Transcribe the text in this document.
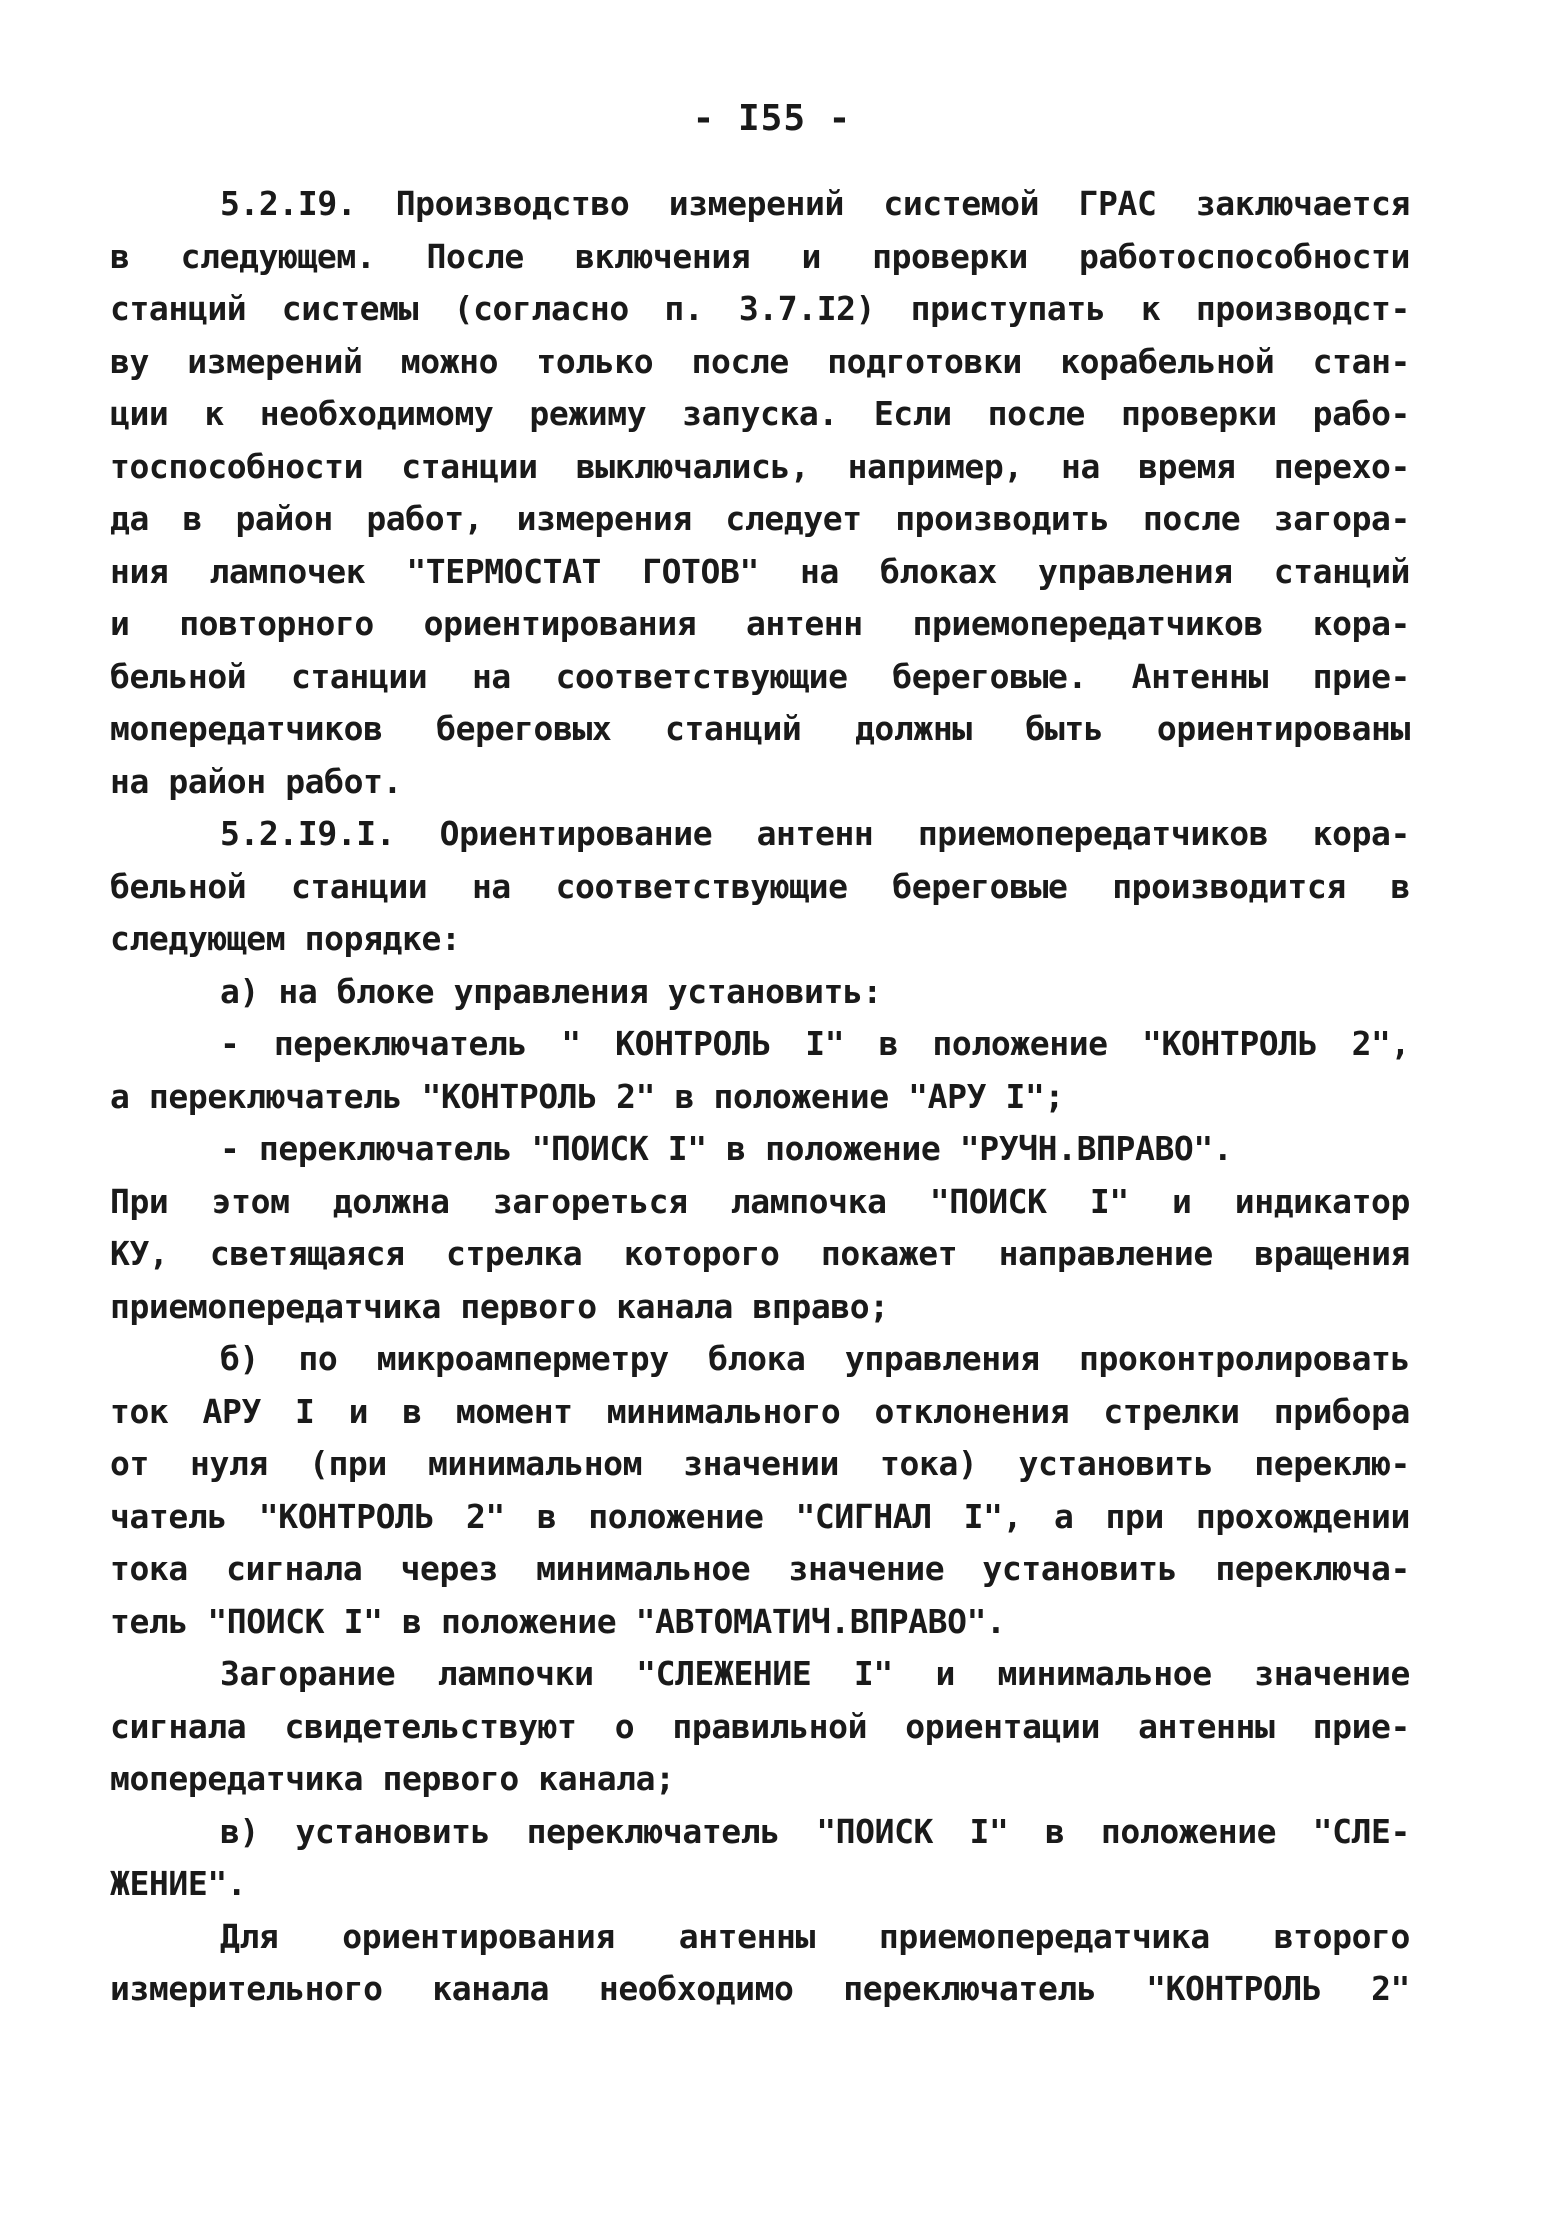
- I55 -
5.2.I9. Производство измерений системой ГРАС заключается
в следующем. После включения и проверки работоспособности
станций системы (согласно п. 3.7.I2) приступать к производст-
ву измерений можно только после подготовки корабельной стан-
ции к необходимому режиму запуска. Если после проверки рабо-
тоспособности станции выключались, например, на время перехо-
да в район работ, измерения следует производить после загора-
ния лампочек "ТЕРМОСТАТ ГОТОВ" на блоках управления станций
и повторного ориентирования антенн приемопередатчиков кора-
бельной станции на соответствующие береговые. Антенны прие-
мопередатчиков береговых станций должны быть ориентированы
на район работ.
5.2.I9.I. Ориентирование антенн приемопередатчиков кора-
бельной станции на соответствующие береговые производится в
следующем порядке:
а) на блоке управления установить:
- переключатель " КОНТРОЛЬ I" в положение "КОНТРОЛЬ 2",
а переключатель "КОНТРОЛЬ 2" в положение "АРУ I";
- переключатель "ПОИСК I" в положение "РУЧН.ВПРАВО".
При этом должна загореться лампочка "ПОИСК I" и индикатор
КУ, светящаяся стрелка которого покажет направление вращения
приемопередатчика первого канала вправо;
б) по микроамперметру блока управления проконтролировать
ток АРУ I и в момент минимального отклонения стрелки прибора
от нуля (при минимальном значении тока) установить переклю-
чатель "КОНТРОЛЬ 2" в положение "СИГНАЛ I", а при прохождении
тока сигнала через минимальное значение установить переключа-
тель "ПОИСК I" в положение "АВТОМАТИЧ.ВПРАВО".
Загорание лампочки "СЛЕЖЕНИЕ I" и минимальное значение
сигнала свидетельствуют о правильной ориентации антенны прие-
мопередатчика первого канала;
в) установить переключатель "ПОИСК I" в положение "СЛЕ-
ЖЕНИЕ".
Для ориентирования антенны приемопередатчика второго
измерительного канала необходимо переключатель "КОНТРОЛЬ 2"
